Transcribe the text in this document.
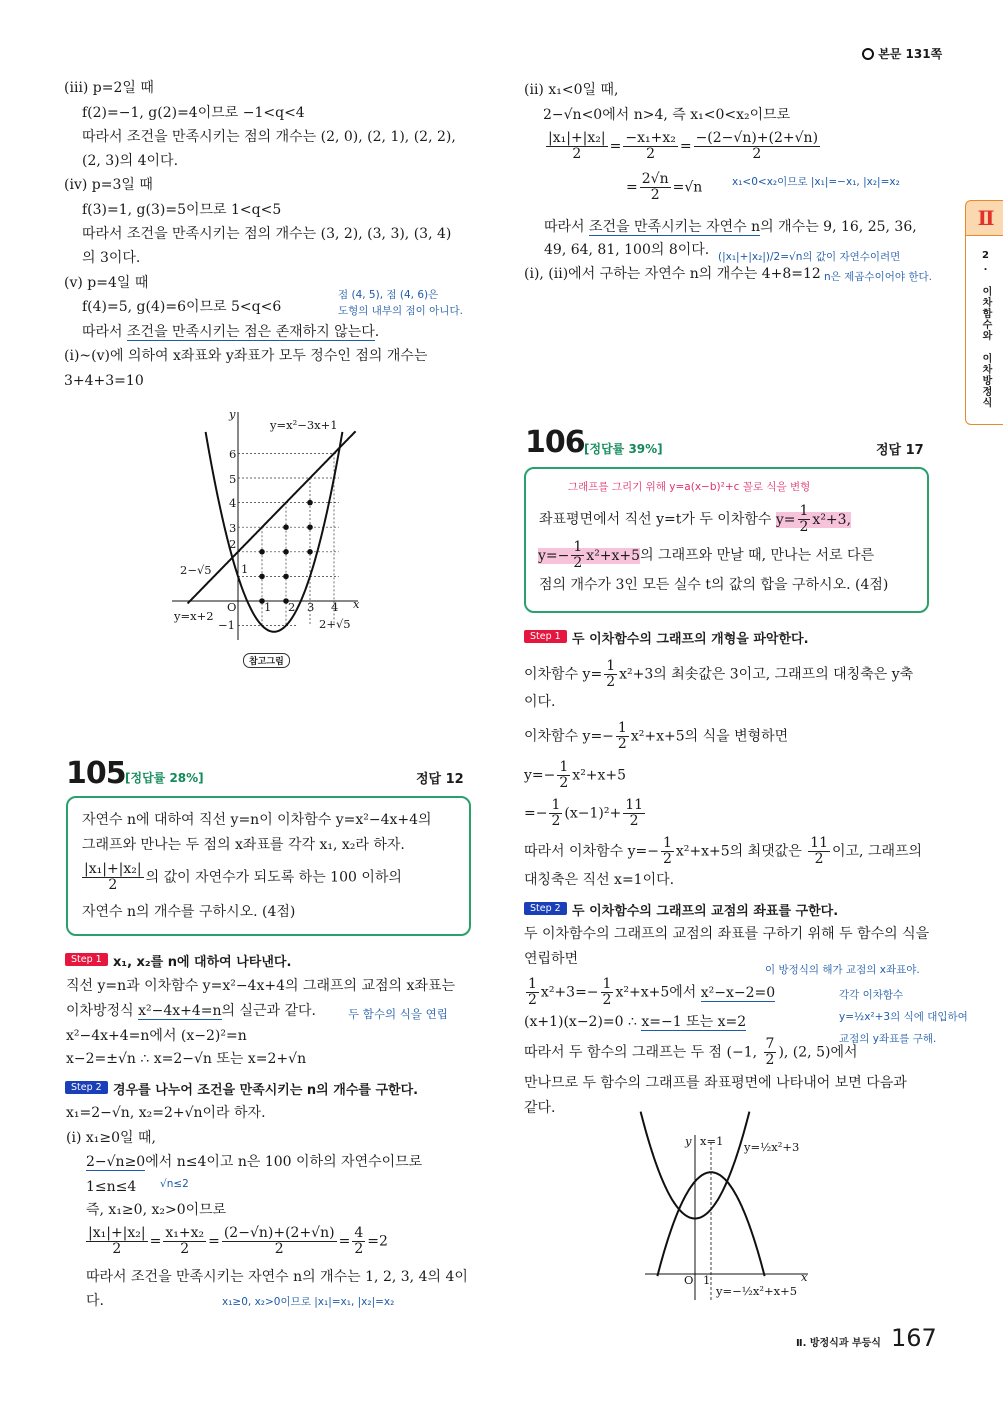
본문 131쪽
Ⅱ
2. 이차함수와 이차방정식
(ⅲ) p=2일 때
f(2)=−1, g(2)=4이므로 −1<q<4
따라서 조건을 만족시키는 점의 개수는 (2, 0), (2, 1), (2, 2),
(2, 3)의 4이다.
(ⅳ) p=3일 때
f(3)=1, g(3)=5이므로 1<q<5
따라서 조건을 만족시키는 점의 개수는 (3, 2), (3, 3), (3, 4)
의 3이다.
(ⅴ) p=4일 때
f(4)=5, g(4)=6이므로 5<q<6
따라서 조건을 만족시키는 점은 존재하지 않는다.
(ⅰ)~(ⅴ)에 의하여 x좌표와 y좌표가 모두 정수인 점의 개수는
3+4+3=10
점 (4, 5), 점 (4, 6)은
도형의 내부의 점이 아니다.
y=x²−3x+1
y=x+2
2−√5
2+√5
y
x
O
1
2
3
4
5
6
−1
1 2 3 4
참고그림
105 [정답률 28%]	정답 12
자연수 n에 대하여 직선 y=n이 이차함수 y=x²−4x+4의
그래프와 만나는 두 점의 x좌표를 각각 x₁, x₂라 하자.
$\frac{\text{|x₁|+|x₂|}}{2}$ 의 값이 자연수가 되도록 하는 100 이하의
자연수 n의 개수를 구하시오. (4점)
Step 1 x₁, x₂를 n에 대하여 나타낸다.
직선 y=n과 이차함수 y=x²−4x+4의 그래프의 교점의 x좌표는
이차방정식 x²−4x+4=n의 실근과 같다.
x²−4x+4=n에서 (x−2)²=n
x−2=±√n ∴ x=2−√n 또는 x=2+√n
두 함수의 식을 연립
Step 2 경우를 나누어 조건을 만족시키는 n의 개수를 구한다.
x₁=2−√n, x₂=2+√n이라 하자.
(ⅰ) x₁≥0일 때,
2−√n≥0에서 n≤4이고 n은 100 이하의 자연수이므로
1≤n≤4 √n≤2
즉, x₁≥0, x₂>0이므로
$\frac{\text{|x₁|+|x₂|}}{2} = \frac{\text{x₁+x₂}}{2} = \frac{(2-√n)+(2+√n)}{2} = \frac{4}{2} =2$
따라서 조건을 만족시키는 자연수 n의 개수는 1, 2, 3, 4의 4이
다.	x₁≥0, x₂>0이므로 |x₁|=x₁, |x₂|=x₂
(ⅱ) x₁<0일 때,
2−√n<0에서 n>4, 즉 x₁<0<x₂이므로
$\frac{\text{|x₁|+|x₂|}}{2} = \frac{\text{−x₁+x₂}}{2} = \frac{-(2-√n)+(2+√n)}{2}$
= $\frac{2√n}{2} =√n$	x₁<0<x₂이므로 |x₁|=−x₁, |x₂|=x₂
따라서 조건을 만족시키는 자연수 n의 개수는 9, 16, 25, 36,
49, 64, 81, 100의 8이다. (|x₁|+|x₂|)/2=√n의 값이 자연수이려면
(ⅰ), (ⅱ)에서 구하는 자연수 n의 개수는 4+8=12 n은 제곱수이어야 한다.
106 [정답률 39%]	정답 17
그래프를 그리기 위해 y=a(x−b)²+c 꼴로 식을 변형
좌표평면에서 직선 y=t가 두 이차함수 $y= \frac{1}{2} x^2+3$,
$y=- \frac{1}{2} x^2+x+5$의 그래프와 만날 때, 만나는 서로 다른
점의 개수가 3인 모든 실수 t의 값의 합을 구하시오. (4점)
Step 1 두 이차함수의 그래프의 개형을 파악한다.
이차함수 $y= \frac{1}{2} x^2+3$의 최솟값은 3이고, 그래프의 대칭축은 y축
이다.
이차함수 $y=- \frac{1}{2} x^2+x+5$의 식을 변형하면
$y=- \frac{1}{2} x^2+x+5$
=− $\frac{1}{2} (x-1)^2+ \frac{11}{2}$
따라서 이차함수 $y=- \frac{1}{2} x^2+x+5$의 최댓값은 $\frac{11}{2}$ 이고, 그래프의
대칭축은 직선 x=1이다.
Step 2 두 이차함수의 그래프의 교점의 좌표를 구한다.
두 이차함수의 그래프의 교점의 좌표를 구하기 위해 두 함수의 식을
연립하면
$\frac{1}{2} x^2+3=- \frac{1}{2} x^2+x+5$에서 x²−x−2=0
(x+1)(x−2)=0 ∴ x=−1 또는 x=2
따라서 두 함수의 그래프는 두 점 (−1, $\frac{7}{2}$ ), (2, 5)에서
만나므로 두 함수의 그래프를 좌표평면에 나타내어 보면 다음과
같다.
이 방정식의 해가 교점의 x좌표야.
각각 이차함수
y=½x²+3의 식에 대입하여
교점의 y좌표를 구해.
y x=1 y=½x²+3
y=−½x²+x+5
O 1	x
Ⅱ. 방정식과 부등식 167
